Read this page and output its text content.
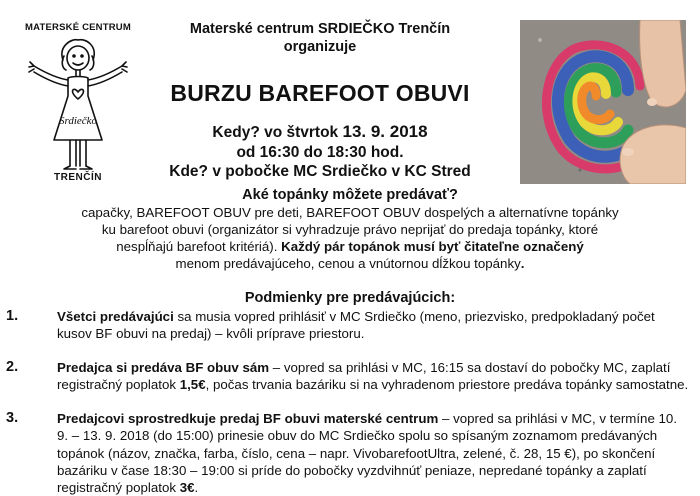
MATERSKÉ CENTRUM
Srdiečko
TRENČÍN
Materské centrum SRDIEČKO Trenčín
organizuje
BURZU BAREFOOT OBUVI
Kedy? vo štvrtok 13. 9. 2018
od 16:30 do 18:30 hod.
Kde? v pobočke MC Srdiečko v KC Stred
Aké topánky môžete predávať?

capačky, BAREFOOT OBUV pre deti, BAREFOOT OBUV dospelých a alternatívne topánky

ku barefoot obuvi (organizátor si vyhradzuje právo neprijať do predaja topánky, ktoré

nespĺňajú barefoot kritériá). Každý pár topánok musí byť čitateľne označený

menom predávajúceho, cenou a vnútornou dĺžkou topánky.

Podmienky pre predávajúcich:
1.	Všetci predávajúci sa musia vopred prihlásiť v MC Srdiečko (meno, priezvisko, predpokladaný počet kusov BF obuvi na predaj) – kvôli príprave priestoru.
2.	Predajca si predáva BF obuv sám – vopred sa prihlási v MC, 16:15 sa dostaví do pobočky MC, zaplatí registračný poplatok 1,5€, počas trvania bazáriku si na vyhradenom priestore predáva topánky samostatne.
3.	Predajcovi sprostredkuje predaj BF obuvi materské centrum – vopred sa prihlási v MC, v termíne 10. 9. – 13. 9. 2018 (do 15:00) prinesie obuv do MC Srdiečko spolu so spísaným zoznamom predávaných topánok (názov, značka, farba, číslo, cena – napr. VivobarefootUltra, zelené, č. 28, 15 €), po skončení bazáriku v čase 18:30 – 19:00 si príde do pobočky vyzdvihnúť peniaze, nepredané topánky a zaplatí registračný poplatok 3€.
